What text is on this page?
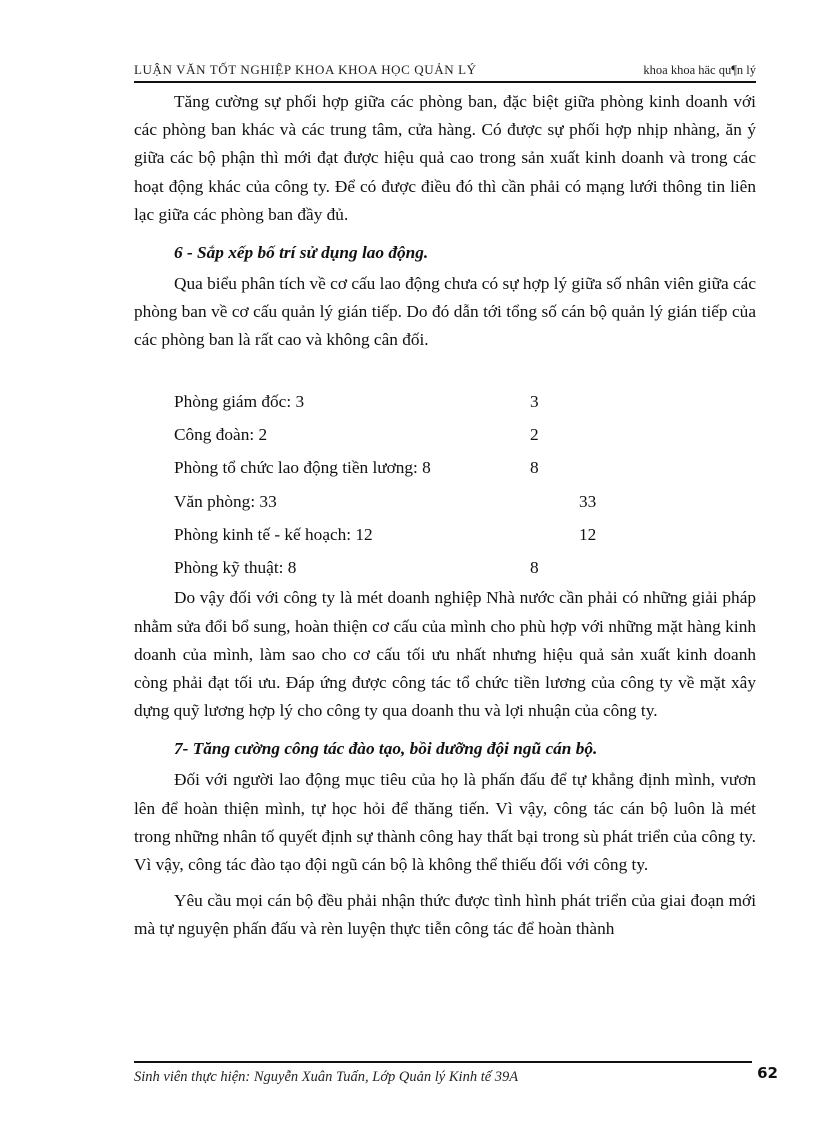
LUẬN VĂN TỐT NGHIỆP KHOA KHOA HỌC QUẢN LÝ	khoa khoa häc qu¶n lý

Tăng cường sự phối hợp giữa các phòng ban, đặc biệt giữa phòng kinh doanh với các phòng ban khác và các trung tâm, cửa hàng. Có được sự phối hợp nhịp nhàng, ăn ý giữa các bộ phận thì mới đạt được hiệu quả cao trong sản xuất kinh doanh và trong các hoạt động khác của công ty. Để có được điều đó thì cần phải có mạng lưới thông tin liên lạc giữa các phòng ban đầy đủ.

6 - Sắp xếp bố trí sử dụng lao động.

Qua biểu phân tích về cơ cấu lao động chưa có sự hợp lý giữa số nhân viên giữa các phòng ban về cơ cấu quản lý gián tiếp. Do đó dẫn tới tổng số cán bộ quản lý gián tiếp của các phòng ban là rất cao và không cân đối.

Phòng giám đốc: 3	3
Công đoàn: 2	2
Phòng tổ chức lao động tiền lương: 8	8
Văn phòng: 33	33
Phòng kinh tế - kế hoạch: 12	12
Phòng kỹ thuật: 8	8

Do vậy đối với công ty là mét doanh nghiệp Nhà nước cần phải có những giải pháp nhằm sửa đổi bổ sung, hoàn thiện cơ cấu của mình cho phù hợp với những mặt hàng kinh doanh của mình, làm sao cho cơ cấu tối ưu nhất nhưng hiệu quả sản xuất kinh doanh còng phải đạt tối ưu. Đáp ứng được công tác tổ chức tiền lương của công ty về mặt xây dựng quỹ lương hợp lý cho công ty qua doanh thu và lợi nhuận của công ty.

7- Tăng cường công tác đào tạo, bồi dưỡng đội ngũ cán bộ.

Đối với người lao động mục tiêu của họ là phấn đấu để tự khẳng định mình, vươn lên để hoàn thiện mình, tự học hỏi để thăng tiến. Vì vậy, công tác cán bộ luôn là mét trong những nhân tố quyết định sự thành công hay thất bại trong sù phát triển của công ty. Vì vậy, công tác đào tạo đội ngũ cán bộ là không thể thiếu đối với công ty.

Yêu cầu mọi cán bộ đều phải nhận thức được tình hình phát triển của giai đoạn mới mà tự nguyện phấn đấu và rèn luyện thực tiễn công tác để hoàn thành

Sinh viên thực hiện: Nguyễn Xuân Tuấn, Lớp Quản lý Kinh tế 39A	62
